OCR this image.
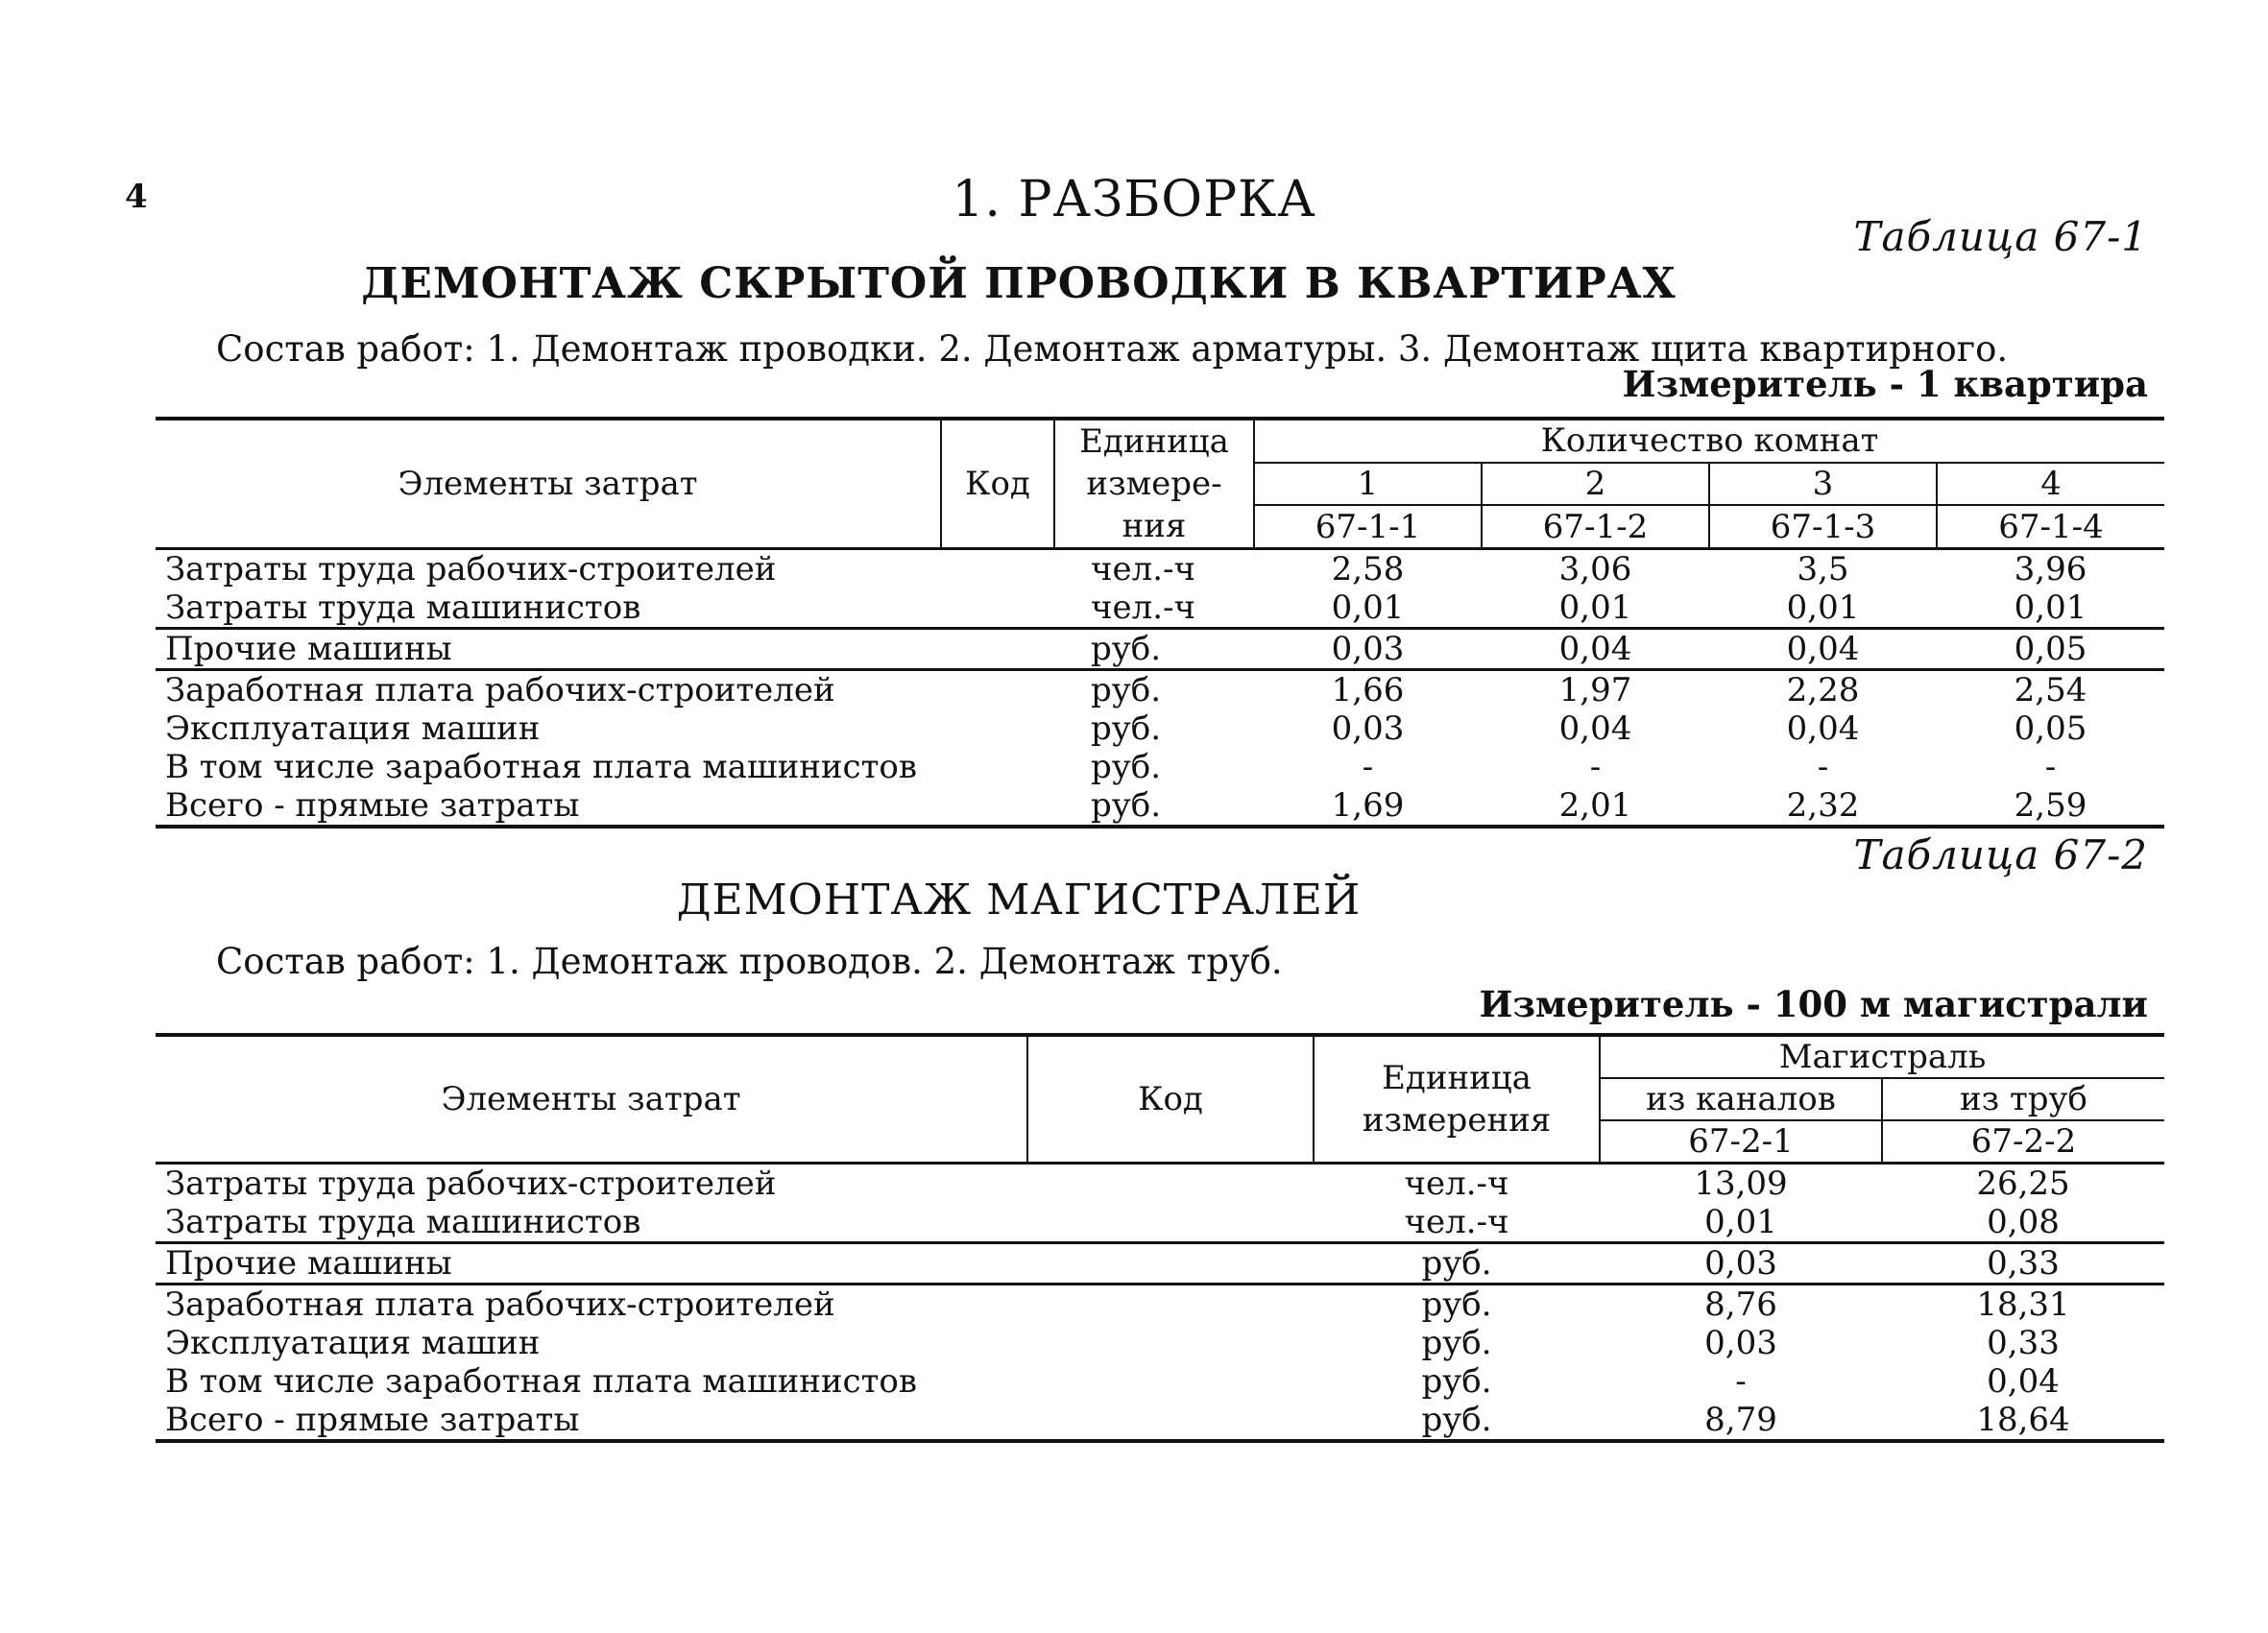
4	1. РАЗБОРКА
Таблица 67-1
ДЕМОНТАЖ СКРЫТОЙ ПРОВОДКИ В КВАРТИРАХ
Состав работ: 1. Демонтаж проводки. 2. Демонтаж арматуры. 3. Демонтаж щита квартирного.
Измеритель - 1 квартира
Элементы затрат	Код	Единица измере-ния	Количество комнат			
			1	2	3	4
			67-1-1	67-1-2	67-1-3	67-1-4
Затраты труда рабочих-строителей		чел.-ч	2,58	3,06	3,5	3,96
Затраты труда машинистов		чел.-ч	0,01	0,01	0,01	0,01
Прочие машины		руб.	0,03	0,04	0,04	0,05
Заработная плата рабочих-строителей		руб.	1,66	1,97	2,28	2,54
Эксплуатация машин		руб.	0,03	0,04	0,04	0,05
В том числе заработная плата машинистов		руб.	-	-	-	-
Всего - прямые затраты		руб.	1,69	2,01	2,32	2,59
Таблица 67-2
ДЕМОНТАЖ МАГИСТРАЛЕЙ
Состав работ: 1. Демонтаж проводов. 2. Демонтаж труб.
Измеритель - 100 м магистрали
Элементы затрат	Код	Единица измерения	Магистраль	
			из каналов	из труб
			67-2-1	67-2-2
Затраты труда рабочих-строителей		чел.-ч	13,09	26,25
Затраты труда машинистов		чел.-ч	0,01	0,08
Прочие машины		руб.	0,03	0,33
Заработная плата рабочих-строителей		руб.	8,76	18,31
Эксплуатация машин		руб.	0,03	0,33
В том числе заработная плата машинистов		руб.	-	0,04
Всего - прямые затраты		руб.	8,79	18,64
